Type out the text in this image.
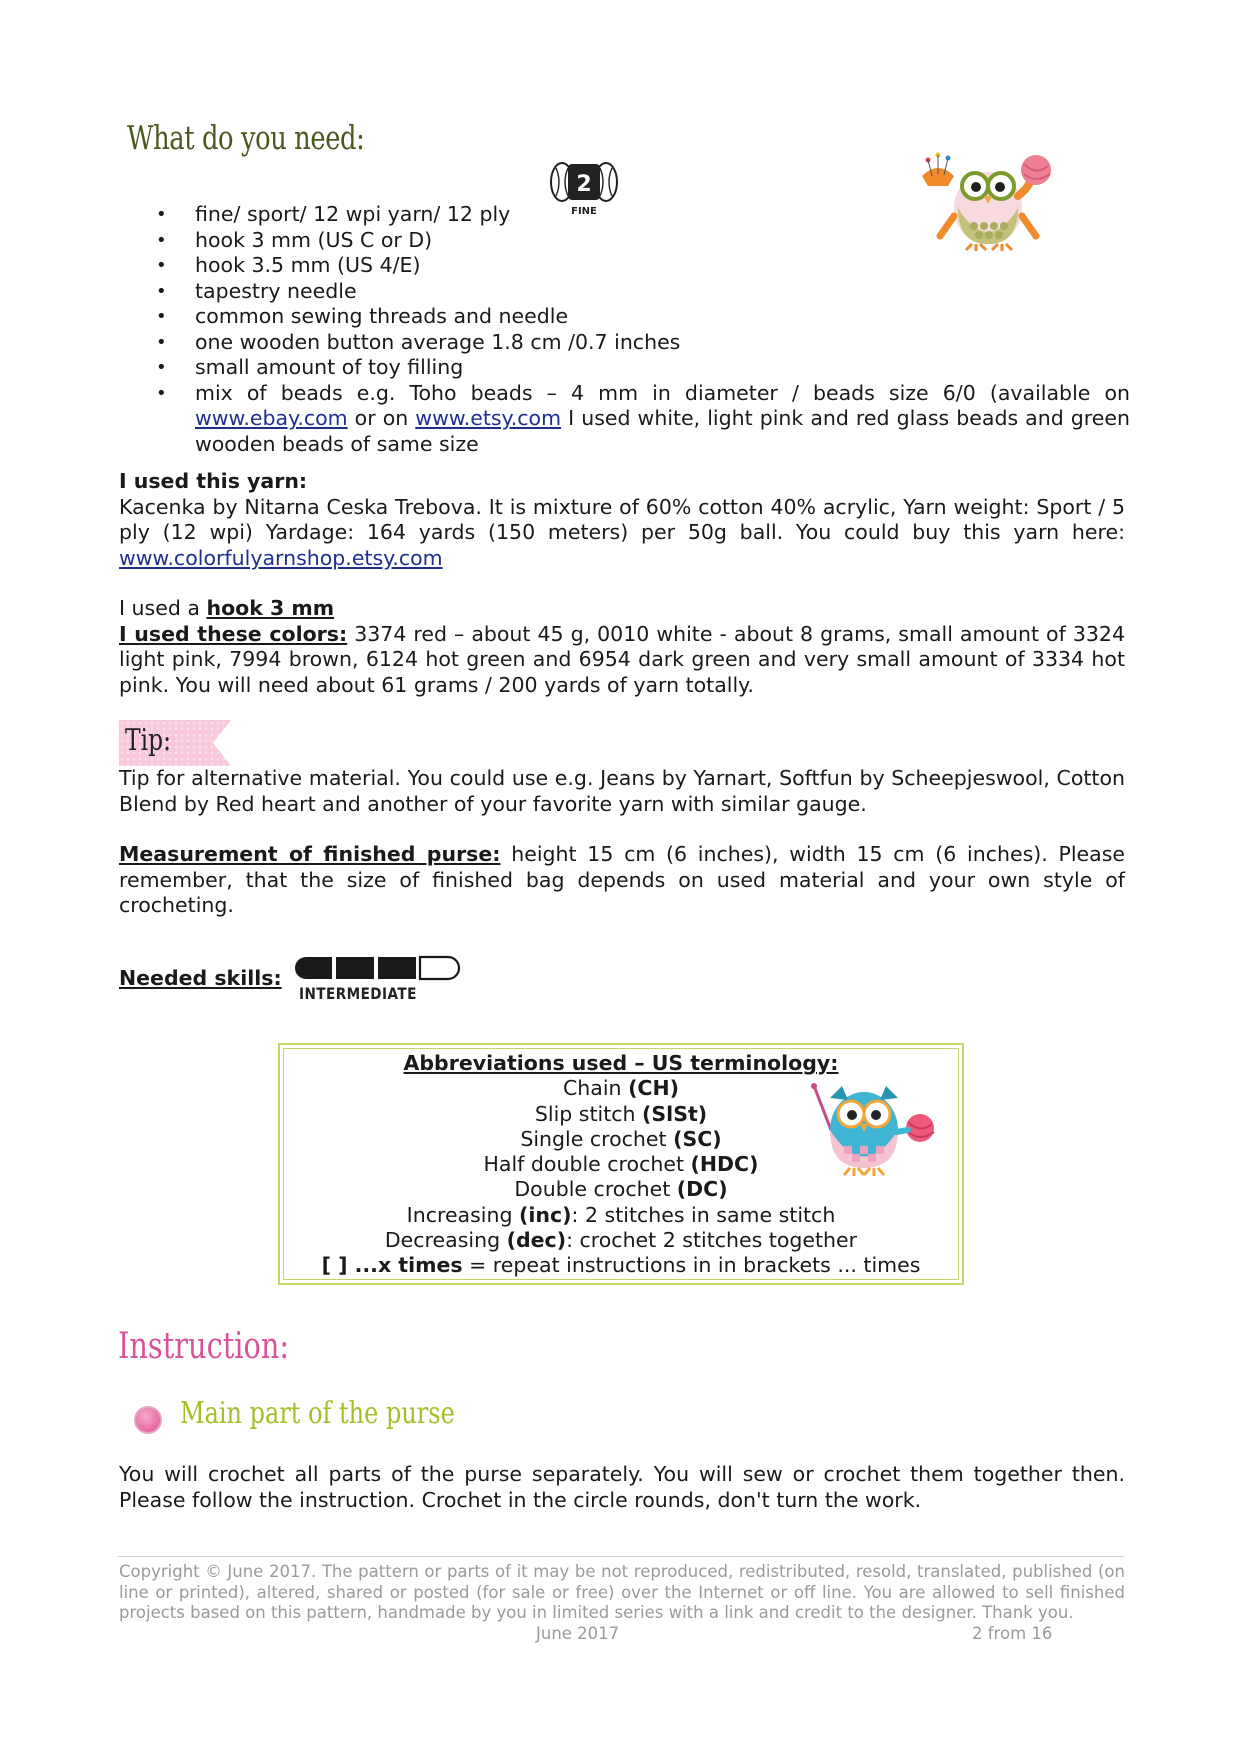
What do you need:
2
FINE
• fine/ sport/ 12 wpi yarn/ 12 ply
• hook 3 mm (US C or D)
• hook 3.5 mm (US 4/E)
• tapestry needle
• common sewing threads and needle
• one wooden button average 1.8 cm /0.7 inches
• small amount of toy filling
• mix of beads e.g. Toho beads – 4 mm in diameter / beads size 6/0 (available on www.ebay.com or on www.etsy.com I used white, light pink and red glass beads and green wooden beads of same size
I used this yarn:

Kacenka by Nitarna Ceska Trebova. It is mixture of 60% cotton 40% acrylic, Yarn weight: Sport / 5 ply (12 wpi) Yardage: 164 yards (150 meters) per 50g ball. You could buy this yarn here: www.colorfulyarnshop.etsy.com

I used a hook 3 mm

I used these colors: 3374 red – about 45 g, 0010 white - about 8 grams, small amount of 3324 light pink, 7994 brown, 6124 hot green and 6954 dark green and very small amount of 3334 hot pink. You will need about 61 grams / 200 yards of yarn totally.

Tip:
Tip for alternative material. You could use e.g. Jeans by Yarnart, Softfun by Scheepjeswool, Cotton Blend by Red heart and another of your favorite yarn with similar gauge.
Measurement of finished purse: height 15 cm (6 inches), width 15 cm (6 inches). Please remember, that the size of finished bag depends on used material and your own style of crocheting.
Needed skills:
INTERMEDIATE
Abbreviations used – US terminology:
Chain (CH)
Slip stitch (SlSt)
Single crochet (SC)
Half double crochet (HDC)
Double crochet (DC)
Increasing (inc): 2 stitches in same stitch
Decreasing (dec): crochet 2 stitches together
[ ] ...x times = repeat instructions in in brackets ... times
Instruction:
Main part of the purse
You will crochet all parts of the purse separately. You will sew or crochet them together then. Please follow the instruction. Crochet in the circle rounds, don't turn the work.
Copyright © June 2017. The pattern or parts of it may be not reproduced, redistributed, resold, translated, published (on line or printed), altered, shared or posted (for sale or free) over the Internet or off line. You are allowed to sell finished projects based on this pattern, handmade by you in limited series with a link and credit to the designer. Thank you.
June 2017	2 from 16
